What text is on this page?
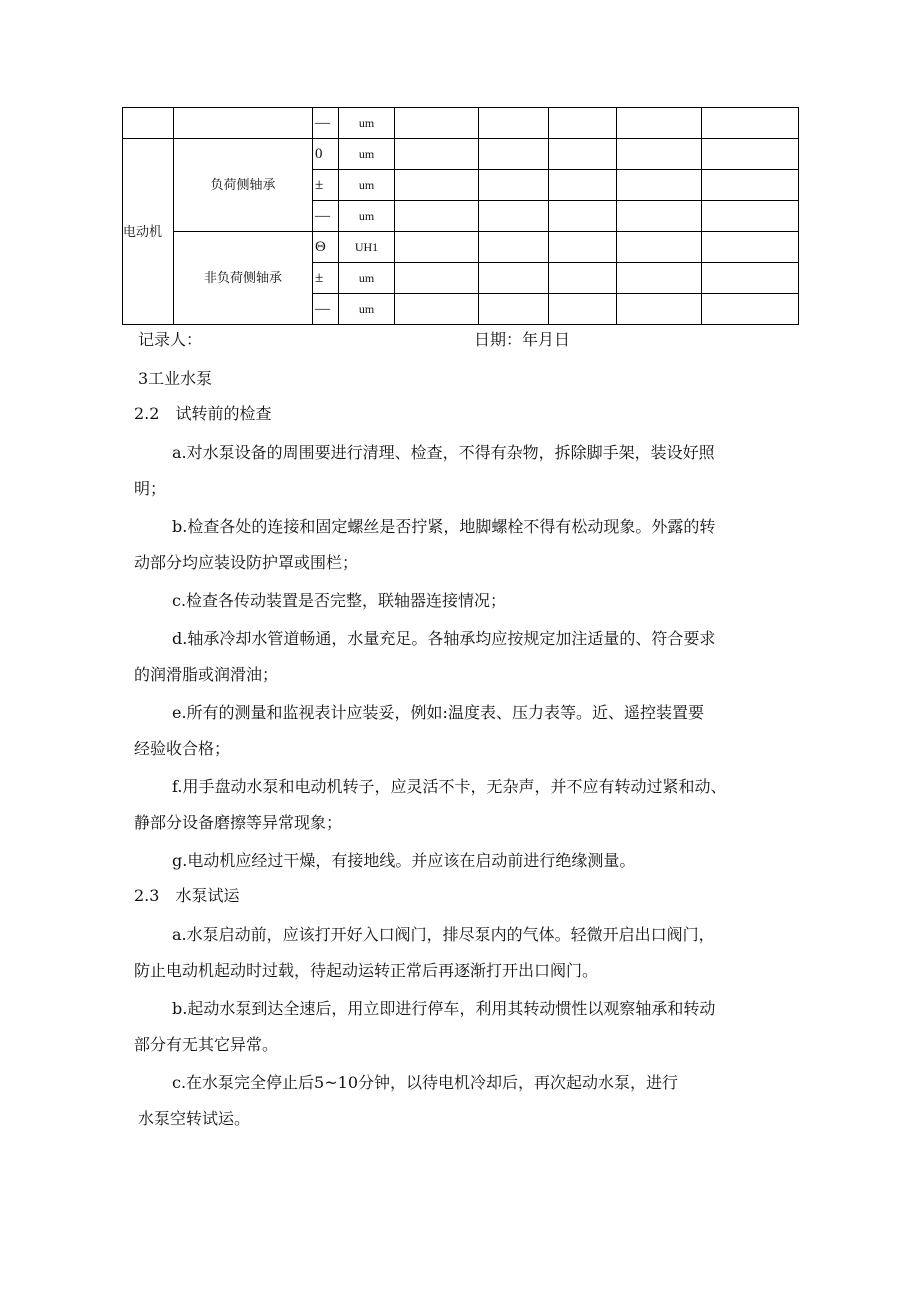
		—	um					
电动机	负荷侧轴承	0	um					
		±	um					
		—	um					
	非负荷侧轴承	Θ	UH1					
		±	um					
		—	um					
记录人：	日期：年月日
3工业水泵
2.2　试转前的检查
a.对水泵设备的周围要进行清理、检查，不得有杂物，拆除脚手架，装设好照
明；
b.检查各处的连接和固定螺丝是否拧紧，地脚螺栓不得有松动现象。外露的转
动部分均应装设防护罩或围栏；
c.检查各传动装置是否完整，联轴器连接情况；
d.轴承冷却水管道畅通，水量充足。各轴承均应按规定加注适量的、符合要求
的润滑脂或润滑油；
e.所有的测量和监视表计应装妥，例如:温度表、压力表等。近、遥控装置要
经验收合格；
f.用手盘动水泵和电动机转子，应灵活不卡，无杂声，并不应有转动过紧和动、
静部分设备磨擦等异常现象；
g.电动机应经过干燥，有接地线。并应该在启动前进行绝缘测量。
2.3　水泵试运
a.水泵启动前，应该打开好入口阀门，排尽泵内的气体。轻微开启出口阀门，
防止电动机起动时过载，待起动运转正常后再逐渐打开出口阀门。
b.起动水泵到达全速后，用立即进行停车，利用其转动惯性以观察轴承和转动
部分有无其它异常。
c.在水泵完全停止后5~10分钟，以待电机冷却后，再次起动水泵，进行
水泵空转试运。
